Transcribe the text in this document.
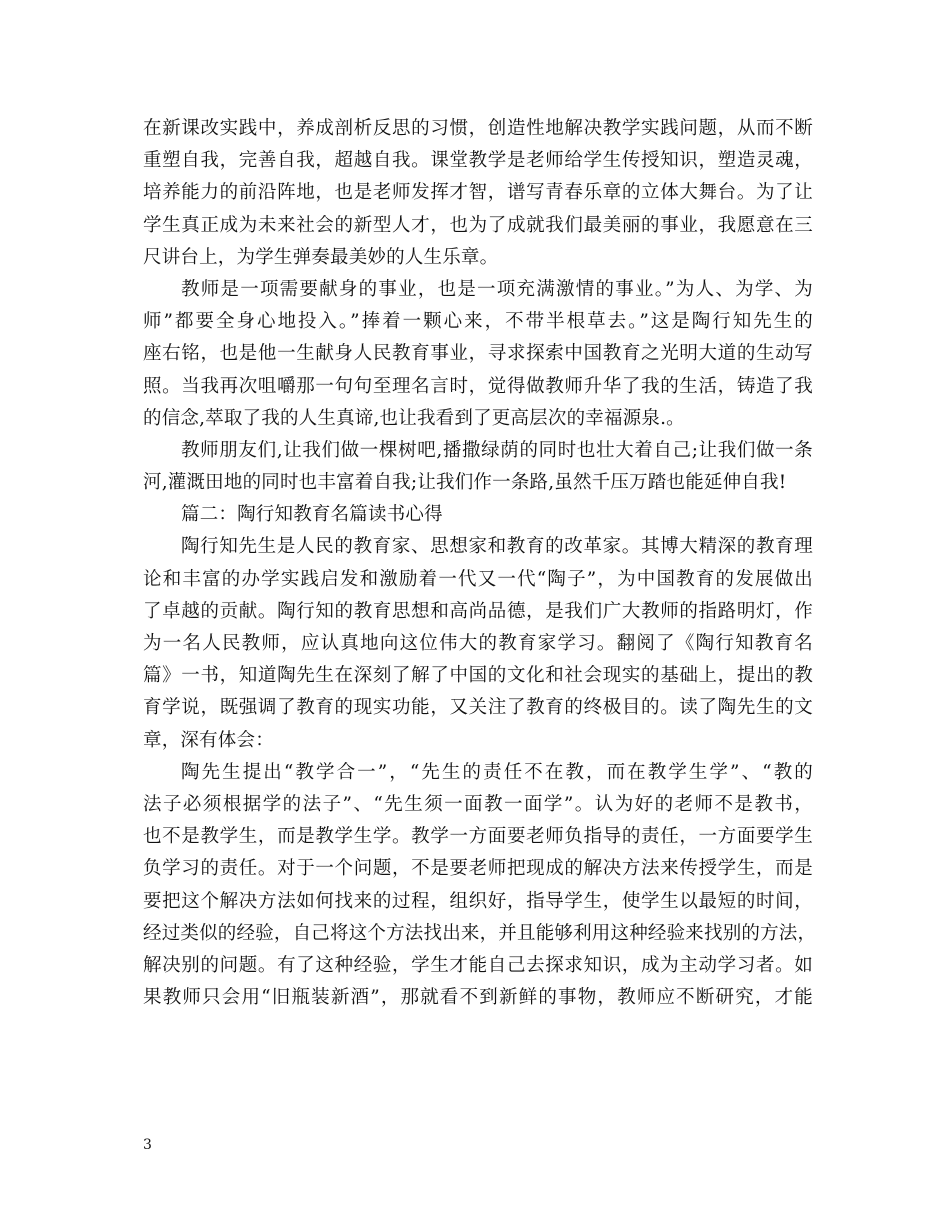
在新课改实践中，养成剖析反思的习惯，创造性地解决教学实践问题，从而不断
重塑自我，完善自我，超越自我。课堂教学是老师给学生传授知识，塑造灵魂，
培养能力的前沿阵地，也是老师发挥才智，谱写青春乐章的立体大舞台。为了让
学生真正成为未来社会的新型人才，也为了成就我们最美丽的事业，我愿意在三
尺讲台上，为学生弹奏最美妙的人生乐章。
教师是一项需要献身的事业，也是一项充满激情的事业。”为人、为学、为
师”都要全身心地投入。”捧着一颗心来，不带半根草去。”这是陶行知先生的
座右铭，也是他一生献身人民教育事业，寻求探索中国教育之光明大道的生动写
照。当我再次咀嚼那一句句至理名言时，觉得做教师升华了我的生活，铸造了我
的信念,萃取了我的人生真谛,也让我看到了更高层次的幸福源泉.。
教师朋友们,让我们做一棵树吧,播撒绿荫的同时也壮大着自己;让我们做一条
河,灌溉田地的同时也丰富着自我;让我们作一条路,虽然千压万踏也能延伸自我!
篇二：陶行知教育名篇读书心得
陶行知先生是人民的教育家、思想家和教育的改革家。其博大精深的教育理
论和丰富的办学实践启发和激励着一代又一代“陶子”，为中国教育的发展做出
了卓越的贡献。陶行知的教育思想和高尚品德，是我们广大教师的指路明灯，作
为一名人民教师，应认真地向这位伟大的教育家学习。翻阅了《陶行知教育名
篇》一书，知道陶先生在深刻了解了中国的文化和社会现实的基础上，提出的教
育学说，既强调了教育的现实功能，又关注了教育的终极目的。读了陶先生的文
章，深有体会：
陶先生提出“教学合一”，“先生的责任不在教，而在教学生学”、“教的
法子必须根据学的法子”、“先生须一面教一面学”。认为好的老师不是教书，
也不是教学生，而是教学生学。教学一方面要老师负指导的责任，一方面要学生
负学习的责任。对于一个问题，不是要老师把现成的解决方法来传授学生，而是
要把这个解决方法如何找来的过程，组织好，指导学生，使学生以最短的时间，
经过类似的经验，自己将这个方法找出来，并且能够利用这种经验来找别的方法，
解决别的问题。有了这种经验，学生才能自己去探求知识，成为主动学习者。如
果教师只会用“旧瓶装新酒”，那就看不到新鲜的事物，教师应不断研究，才能
3
